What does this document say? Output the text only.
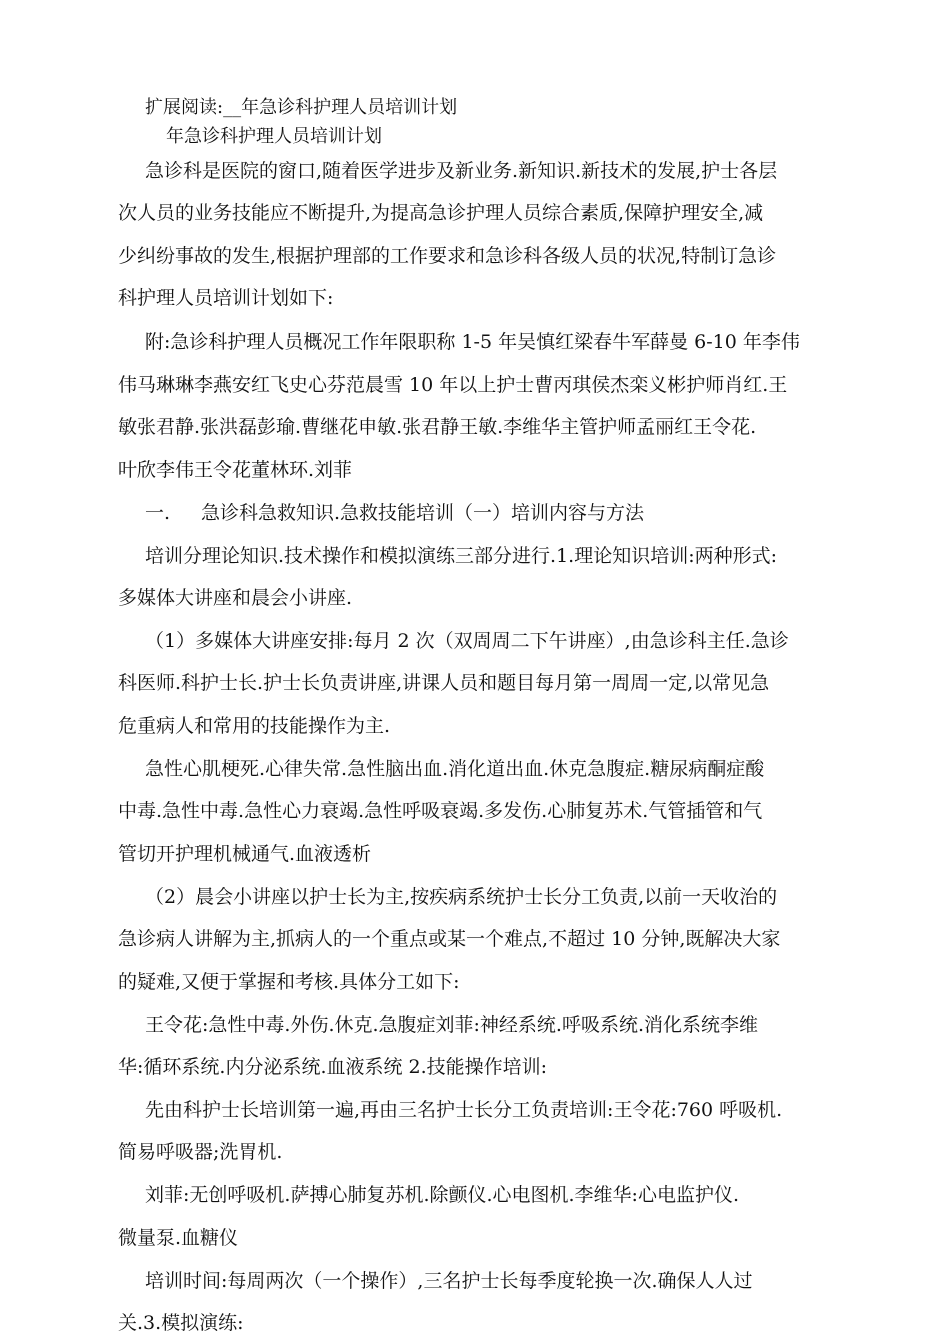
扩展阅读:__年急诊科护理人员培训计划
年急诊科护理人员培训计划
急诊科是医院的窗口,随着医学进步及新业务.新知识.新技术的发展,护士各层
次人员的业务技能应不断提升,为提高急诊护理人员综合素质,保障护理安全,减
少纠纷事故的发生,根据护理部的工作要求和急诊科各级人员的状况,特制订急诊
科护理人员培训计划如下:
附:急诊科护理人员概况工作年限职称 1-5 年吴慎红梁春牛军薛曼 6-10 年李伟
伟马琳琳李燕安红飞史心芬范晨雪 10 年以上护士曹丙琪侯杰栾义彬护师肖红.王
敏张君静.张洪磊彭瑜.曹继花申敏.张君静王敏.李维华主管护师孟丽红王令花.
叶欣李伟王令花董林环.刘菲
一. 急诊科急救知识.急救技能培训（一）培训内容与方法
培训分理论知识.技术操作和模拟演练三部分进行.1.理论知识培训:两种形式:
多媒体大讲座和晨会小讲座.
（1）多媒体大讲座安排:每月 2 次（双周周二下午讲座）,由急诊科主任.急诊
科医师.科护士长.护士长负责讲座,讲课人员和题目每月第一周周一定,以常见急
危重病人和常用的技能操作为主.
急性心肌梗死.心律失常.急性脑出血.消化道出血.休克急腹症.糖尿病酮症酸
中毒.急性中毒.急性心力衰竭.急性呼吸衰竭.多发伤.心肺复苏术.气管插管和气
管切开护理机械通气.血液透析
（2）晨会小讲座以护士长为主,按疾病系统护士长分工负责,以前一天收治的
急诊病人讲解为主,抓病人的一个重点或某一个难点,不超过 10 分钟,既解决大家
的疑难,又便于掌握和考核.具体分工如下:
王令花:急性中毒.外伤.休克.急腹症刘菲:神经系统.呼吸系统.消化系统李维
华:循环系统.内分泌系统.血液系统 2.技能操作培训:
先由科护士长培训第一遍,再由三名护士长分工负责培训:王令花:760 呼吸机.
简易呼吸器;洗胃机.
刘菲:无创呼吸机.萨搏心肺复苏机.除颤仪.心电图机.李维华:心电监护仪.
微量泵.血糖仪
培训时间:每周两次（一个操作）,三名护士长每季度轮换一次.确保人人过
关.3.模拟演练:
